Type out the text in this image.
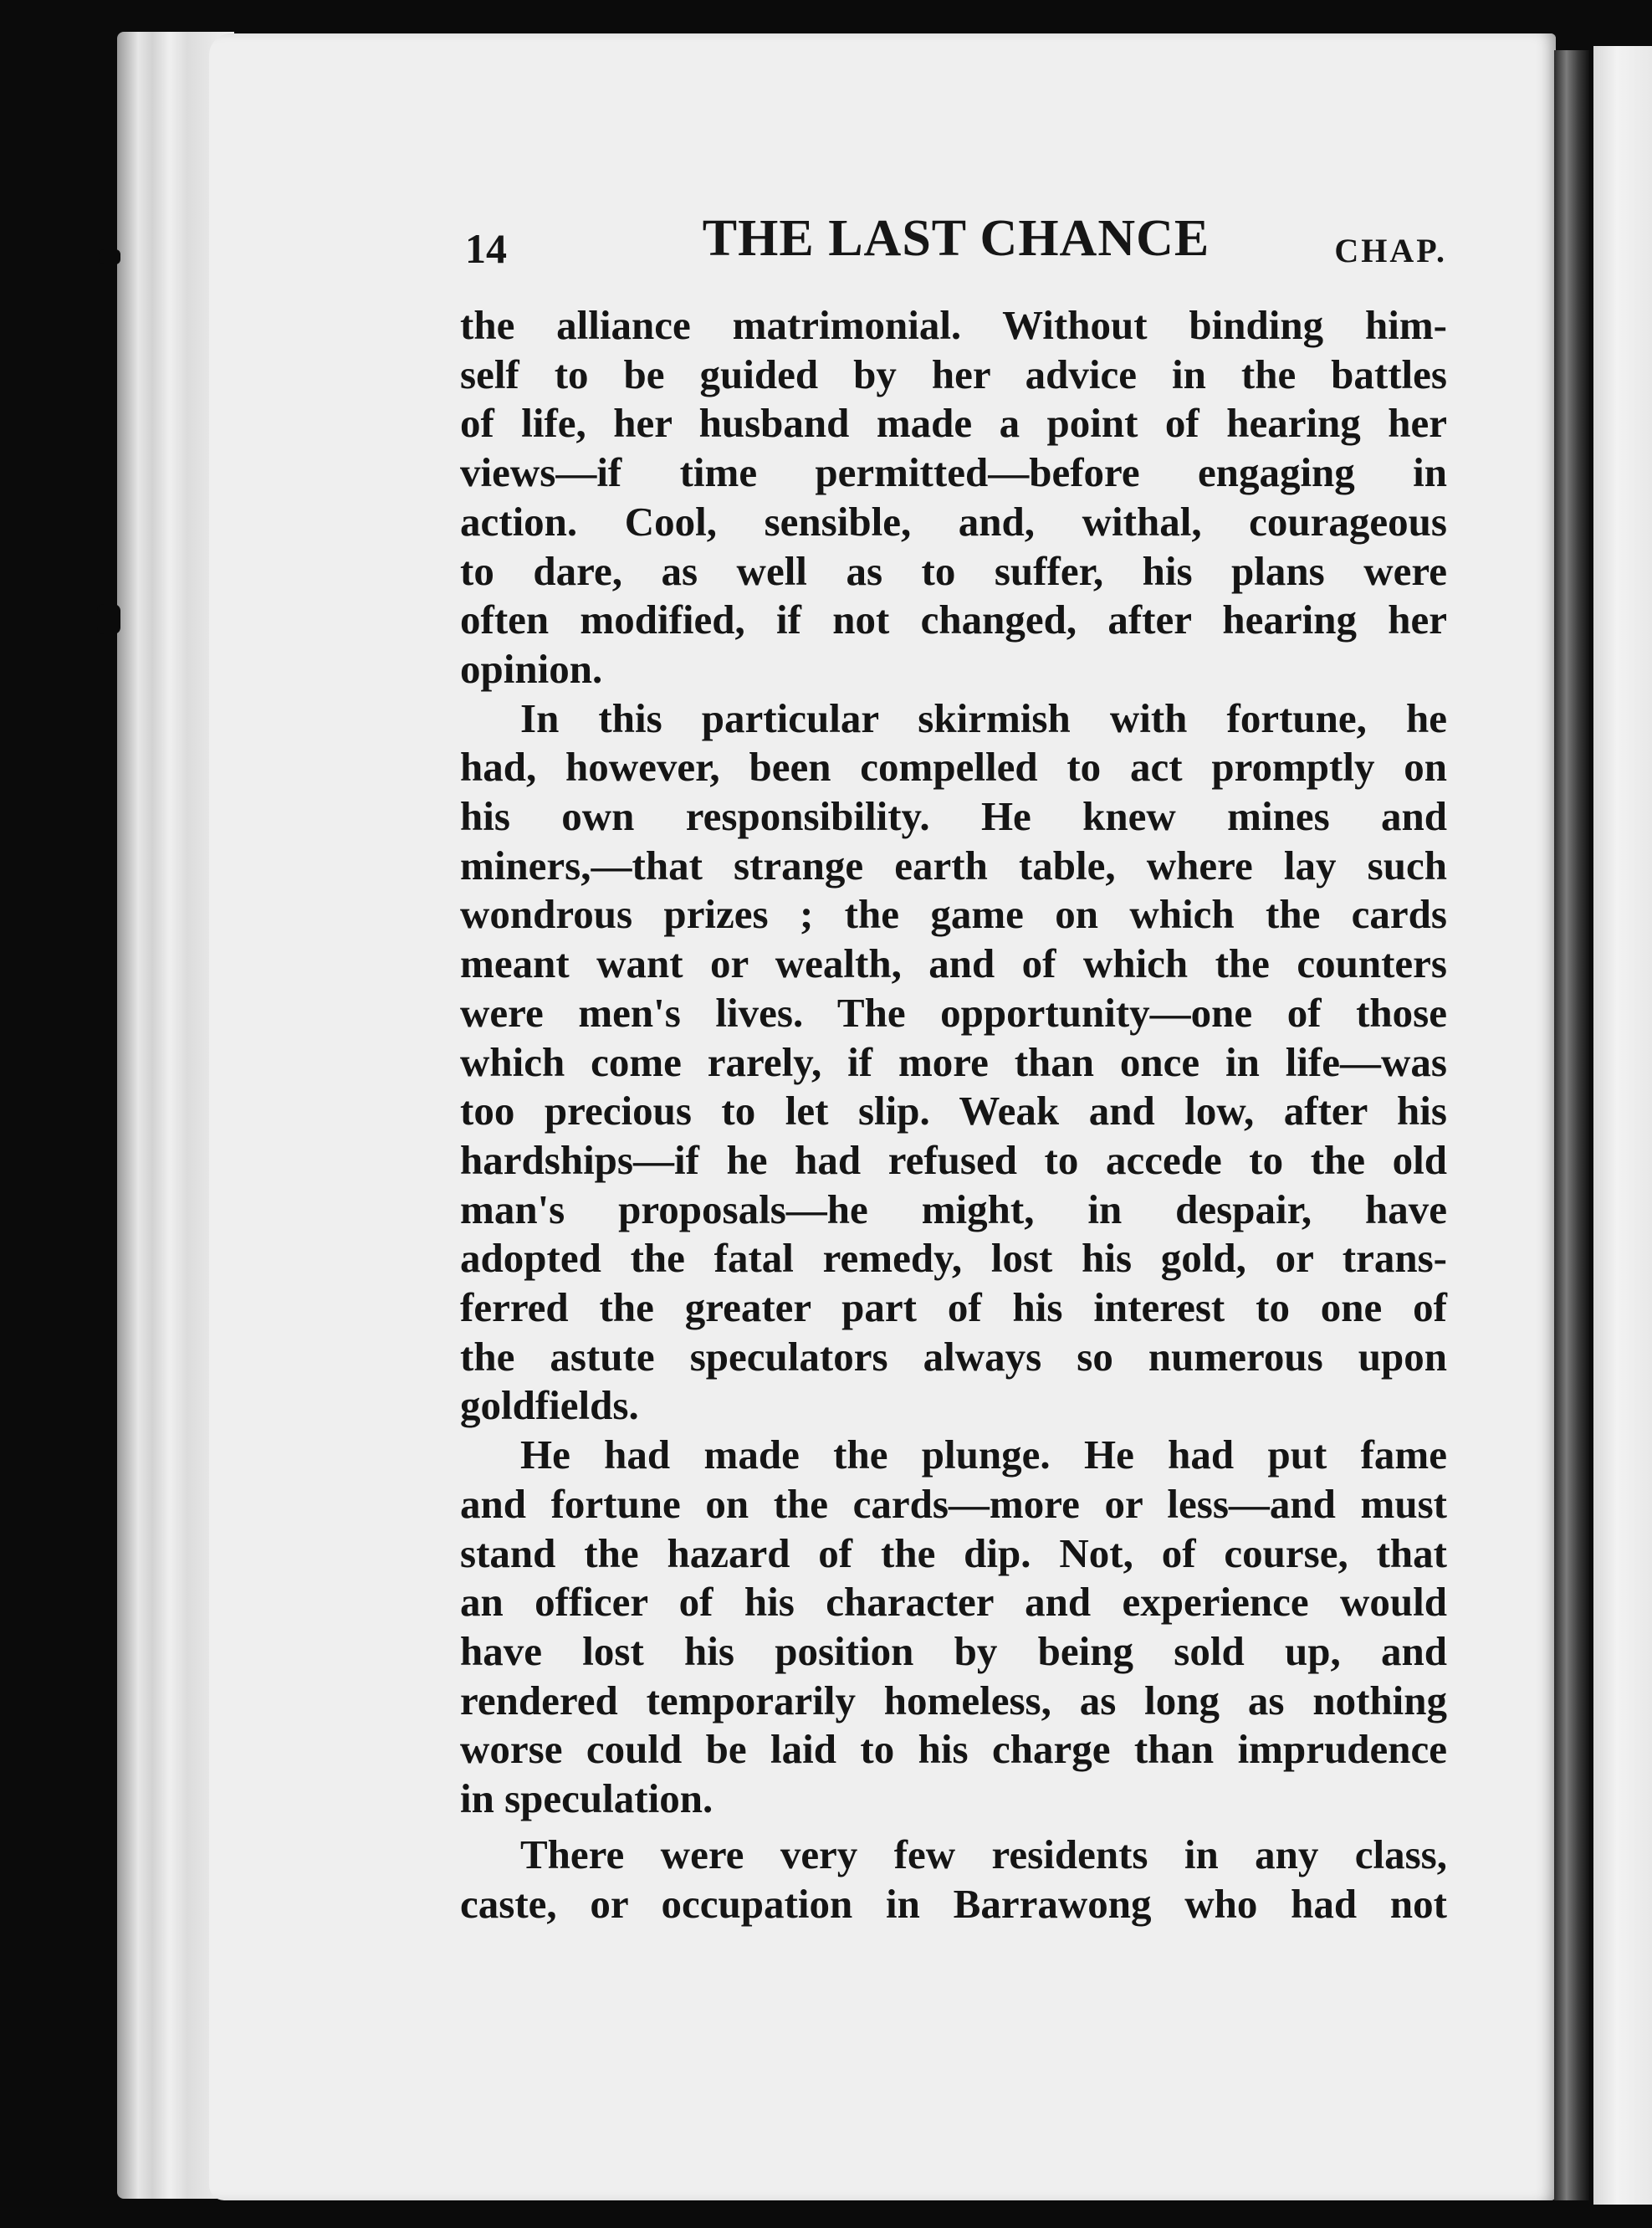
14	THE LAST CHANCE	CHAP.
the alliance matrimonial. Without binding him-
self to be guided by her advice in the battles
of life, her husband made a point of hearing her
views—if time permitted—before engaging in
action. Cool, sensible, and, withal, courageous
to dare, as well as to suffer, his plans were
often modified, if not changed, after hearing her
opinion.
In this particular skirmish with fortune, he
had, however, been compelled to act promptly on
his own responsibility. He knew mines and
miners,—that strange earth table, where lay such
wondrous prizes ; the game on which the cards
meant want or wealth, and of which the counters
were men's lives. The opportunity—one of those
which come rarely, if more than once in life—was
too precious to let slip. Weak and low, after his
hardships—if he had refused to accede to the old
man's proposals—he might, in despair, have
adopted the fatal remedy, lost his gold, or trans-
ferred the greater part of his interest to one of
the astute speculators always so numerous upon
goldfields.
He had made the plunge. He had put fame
and fortune on the cards—more or less—and must
stand the hazard of the dip. Not, of course, that
an officer of his character and experience would
have lost his position by being sold up, and
rendered temporarily homeless, as long as nothing
worse could be laid to his charge than imprudence
in speculation.
There were very few residents in any class,
caste, or occupation in Barrawong who had not
